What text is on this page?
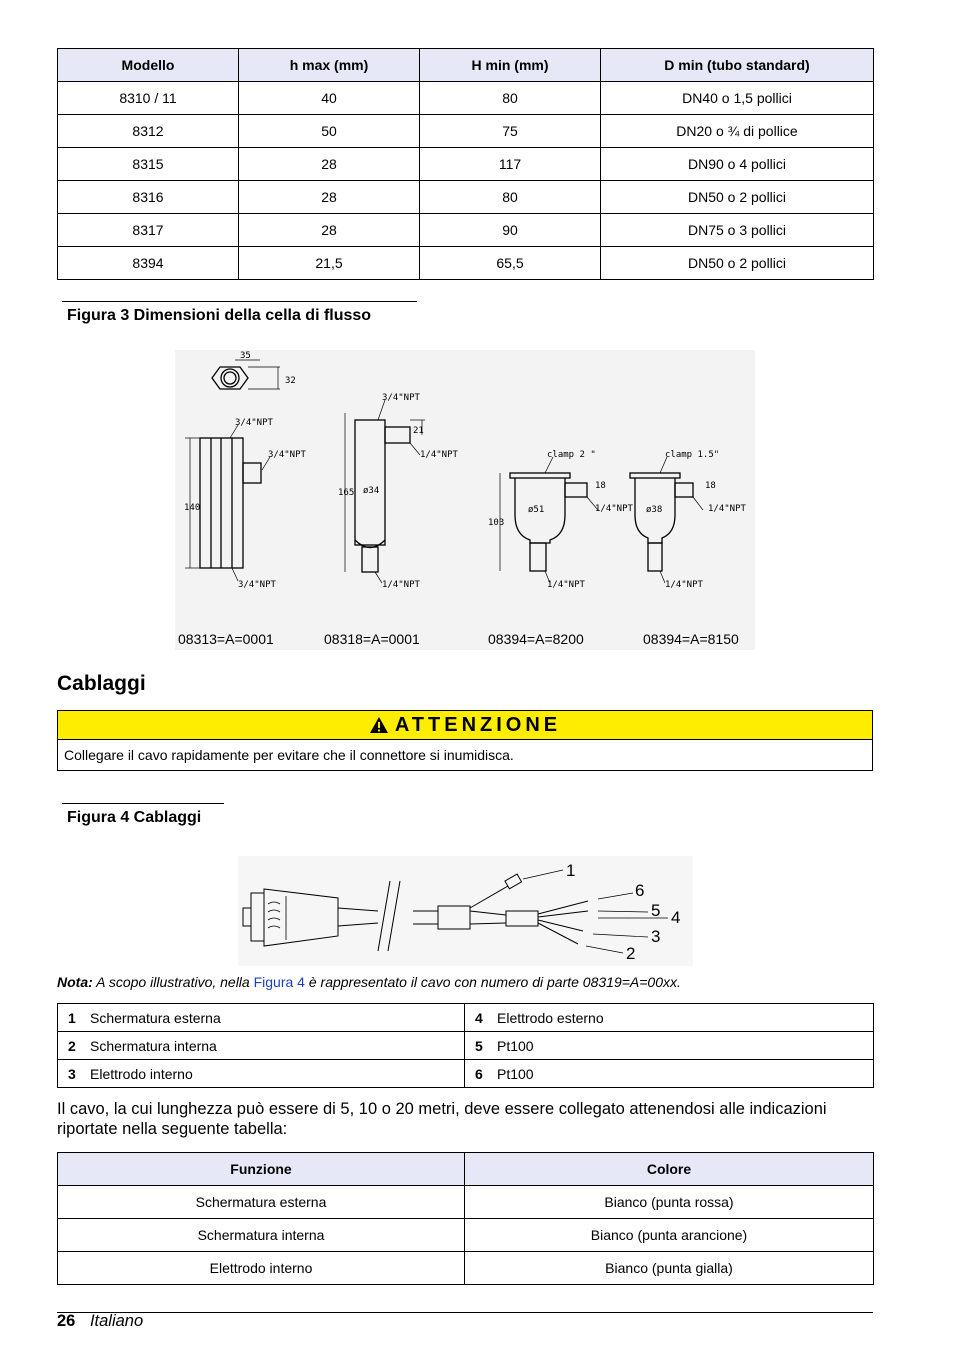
Modello	h max (mm)	H min (mm)	D min (tubo standard)
8310 / 11	40	80	DN40 o 1,5 pollici
8312	50	75	DN20 o ¾ di pollice
8315	28	117	DN90 o 4 pollici
8316	28	80	DN50 o 2 pollici
8317	28	90	DN75 o 3 pollici
8394	21,5	65,5	DN50 o 2 pollici
Figura 3 Dimensioni della cella di flusso
35
32
140
165
21
103
18	18
ø34
ø51	ø38
3/4"NPT
3/4"NPT
3/4"NPT
3/4"NPT
1/4"NPT
1/4"NPT
1/4"NPT
1/4"NPT
1/4"NPT
1/4"NPT
clamp 2 "	clamp 1.5"
08313=A=0001	08318=A=0001	08394=A=8200	08394=A=8150
Cablaggi
ATTENZIONE
Collegare il cavo rapidamente per evitare che il connettore si inumidisca.
Figura 4 Cablaggi
1
6
5 4
3
2
Nota: A scopo illustrativo, nella Figura 4 è rappresentato il cavo con numero di parte 08319=A=00xx.
1 Schermatura esterna	4 Elettrodo esterno
2 Schermatura interna	5 Pt100
3 Elettrodo interno	6 Pt100
Il cavo, la cui lunghezza può essere di 5, 10 o 20 metri, deve essere collegato attenendosi alle indicazioni riportate nella seguente tabella:
Funzione	Colore
Schermatura esterna	Bianco (punta rossa)
Schermatura interna	Bianco (punta arancione)
Elettrodo interno	Bianco (punta gialla)
26 Italiano
